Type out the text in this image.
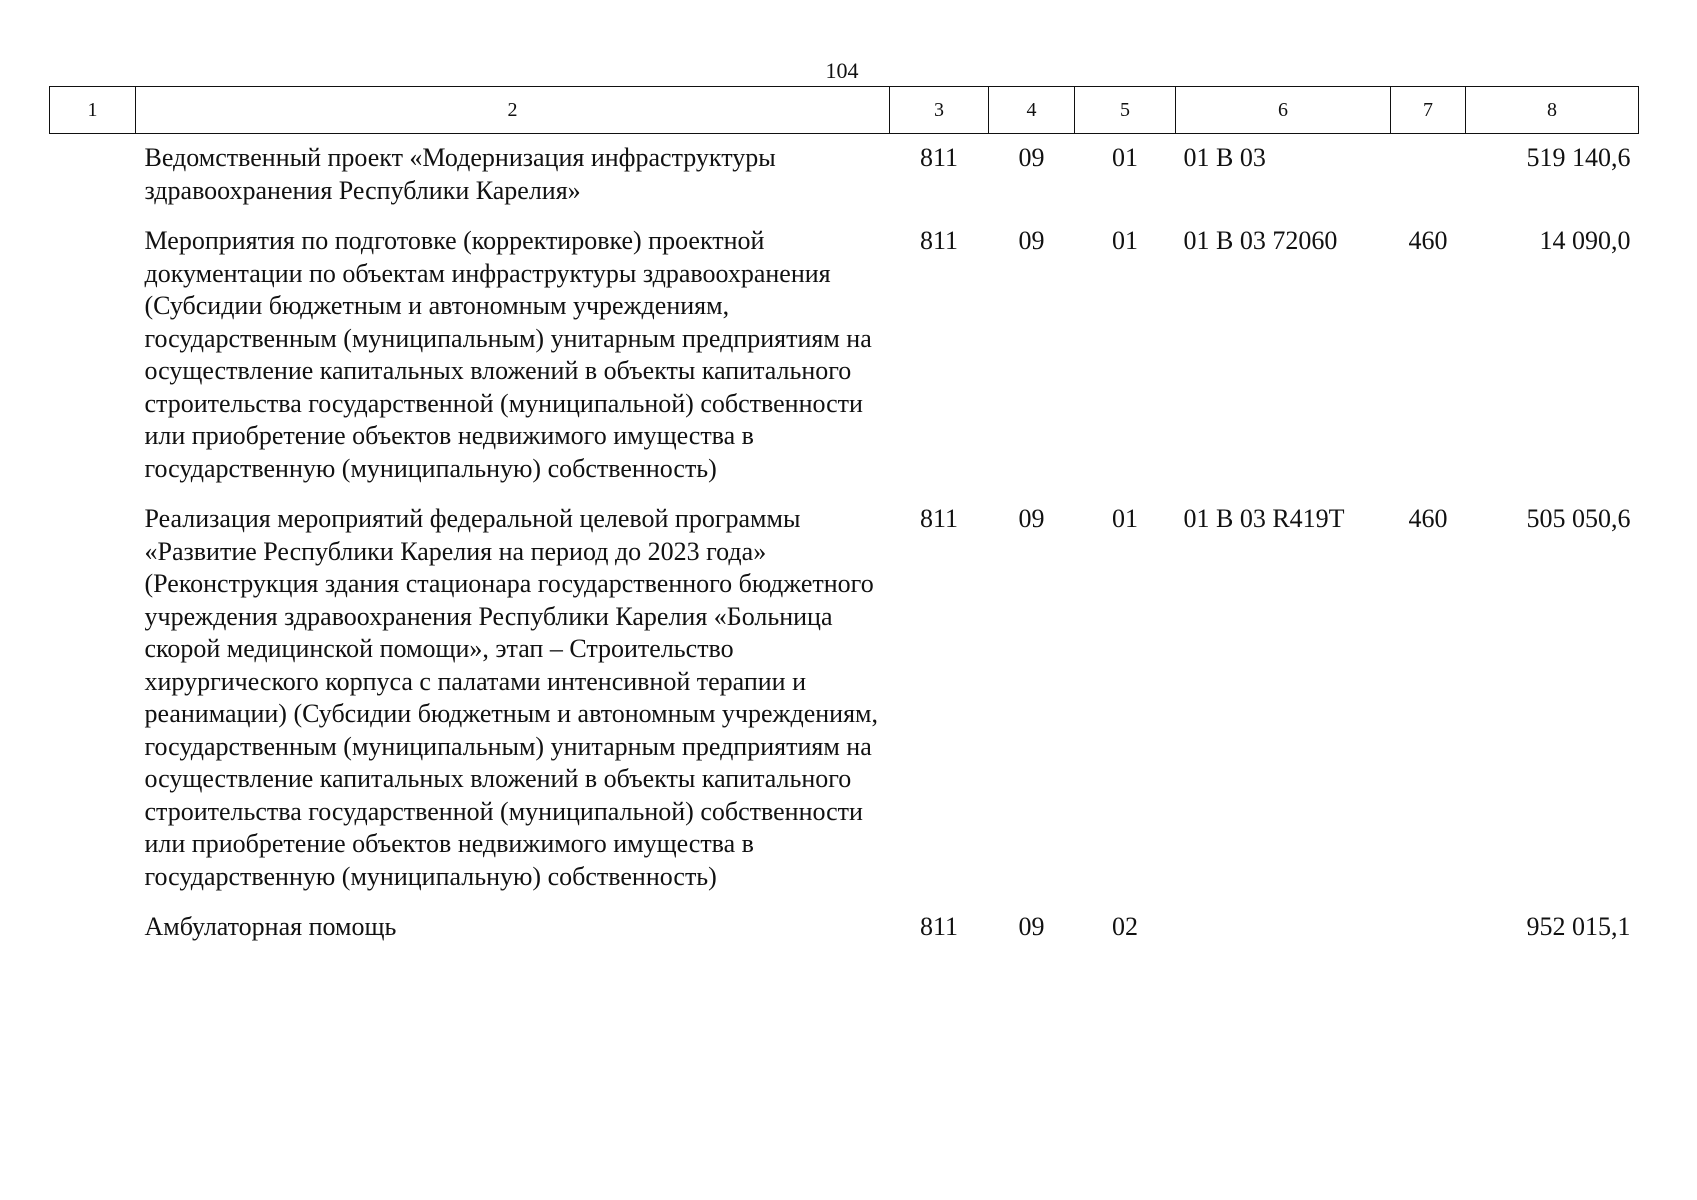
104
1	2	3	4	5	6	7	8
	Ведомственный проект «Модернизация инфраструктуры здравоохранения Республики Карелия»	811	09	01	01 В 03		519 140,6
	Мероприятия по подготовке (корректировке) проектной документации по объектам инфраструктуры здравоохранения (Субсидии бюджетным и автономным учреждениям, государственным (муниципальным) унитарным предприятиям на осуществление капитальных вложений в объекты капитального строительства государственной (муниципальной) собственности или приобретение объектов недвижимого имущества в государственную (муниципальную) собственность)	811	09	01	01 В 03 72060	460	14 090,0
	Реализация мероприятий федеральной целевой программы «Развитие Республики Карелия на период до 2023 года» (Реконструкция здания стационара государственного бюджетного учреждения здравоохранения Республики Карелия «Больница скорой медицинской помощи», этап – Строительство хирургического корпуса с палатами интенсивной терапии и реанимации) (Субсидии бюджетным и автономным учреждениям, государственным (муниципальным) унитарным предприятиям на осуществление капитальных вложений в объекты капитального строительства государственной (муниципальной) собственности или приобретение объектов недвижимого имущества в государственную (муниципальную) собственность)	811	09	01	01 В 03 R419T	460	505 050,6
	Амбулаторная помощь	811	09	02			952 015,1
